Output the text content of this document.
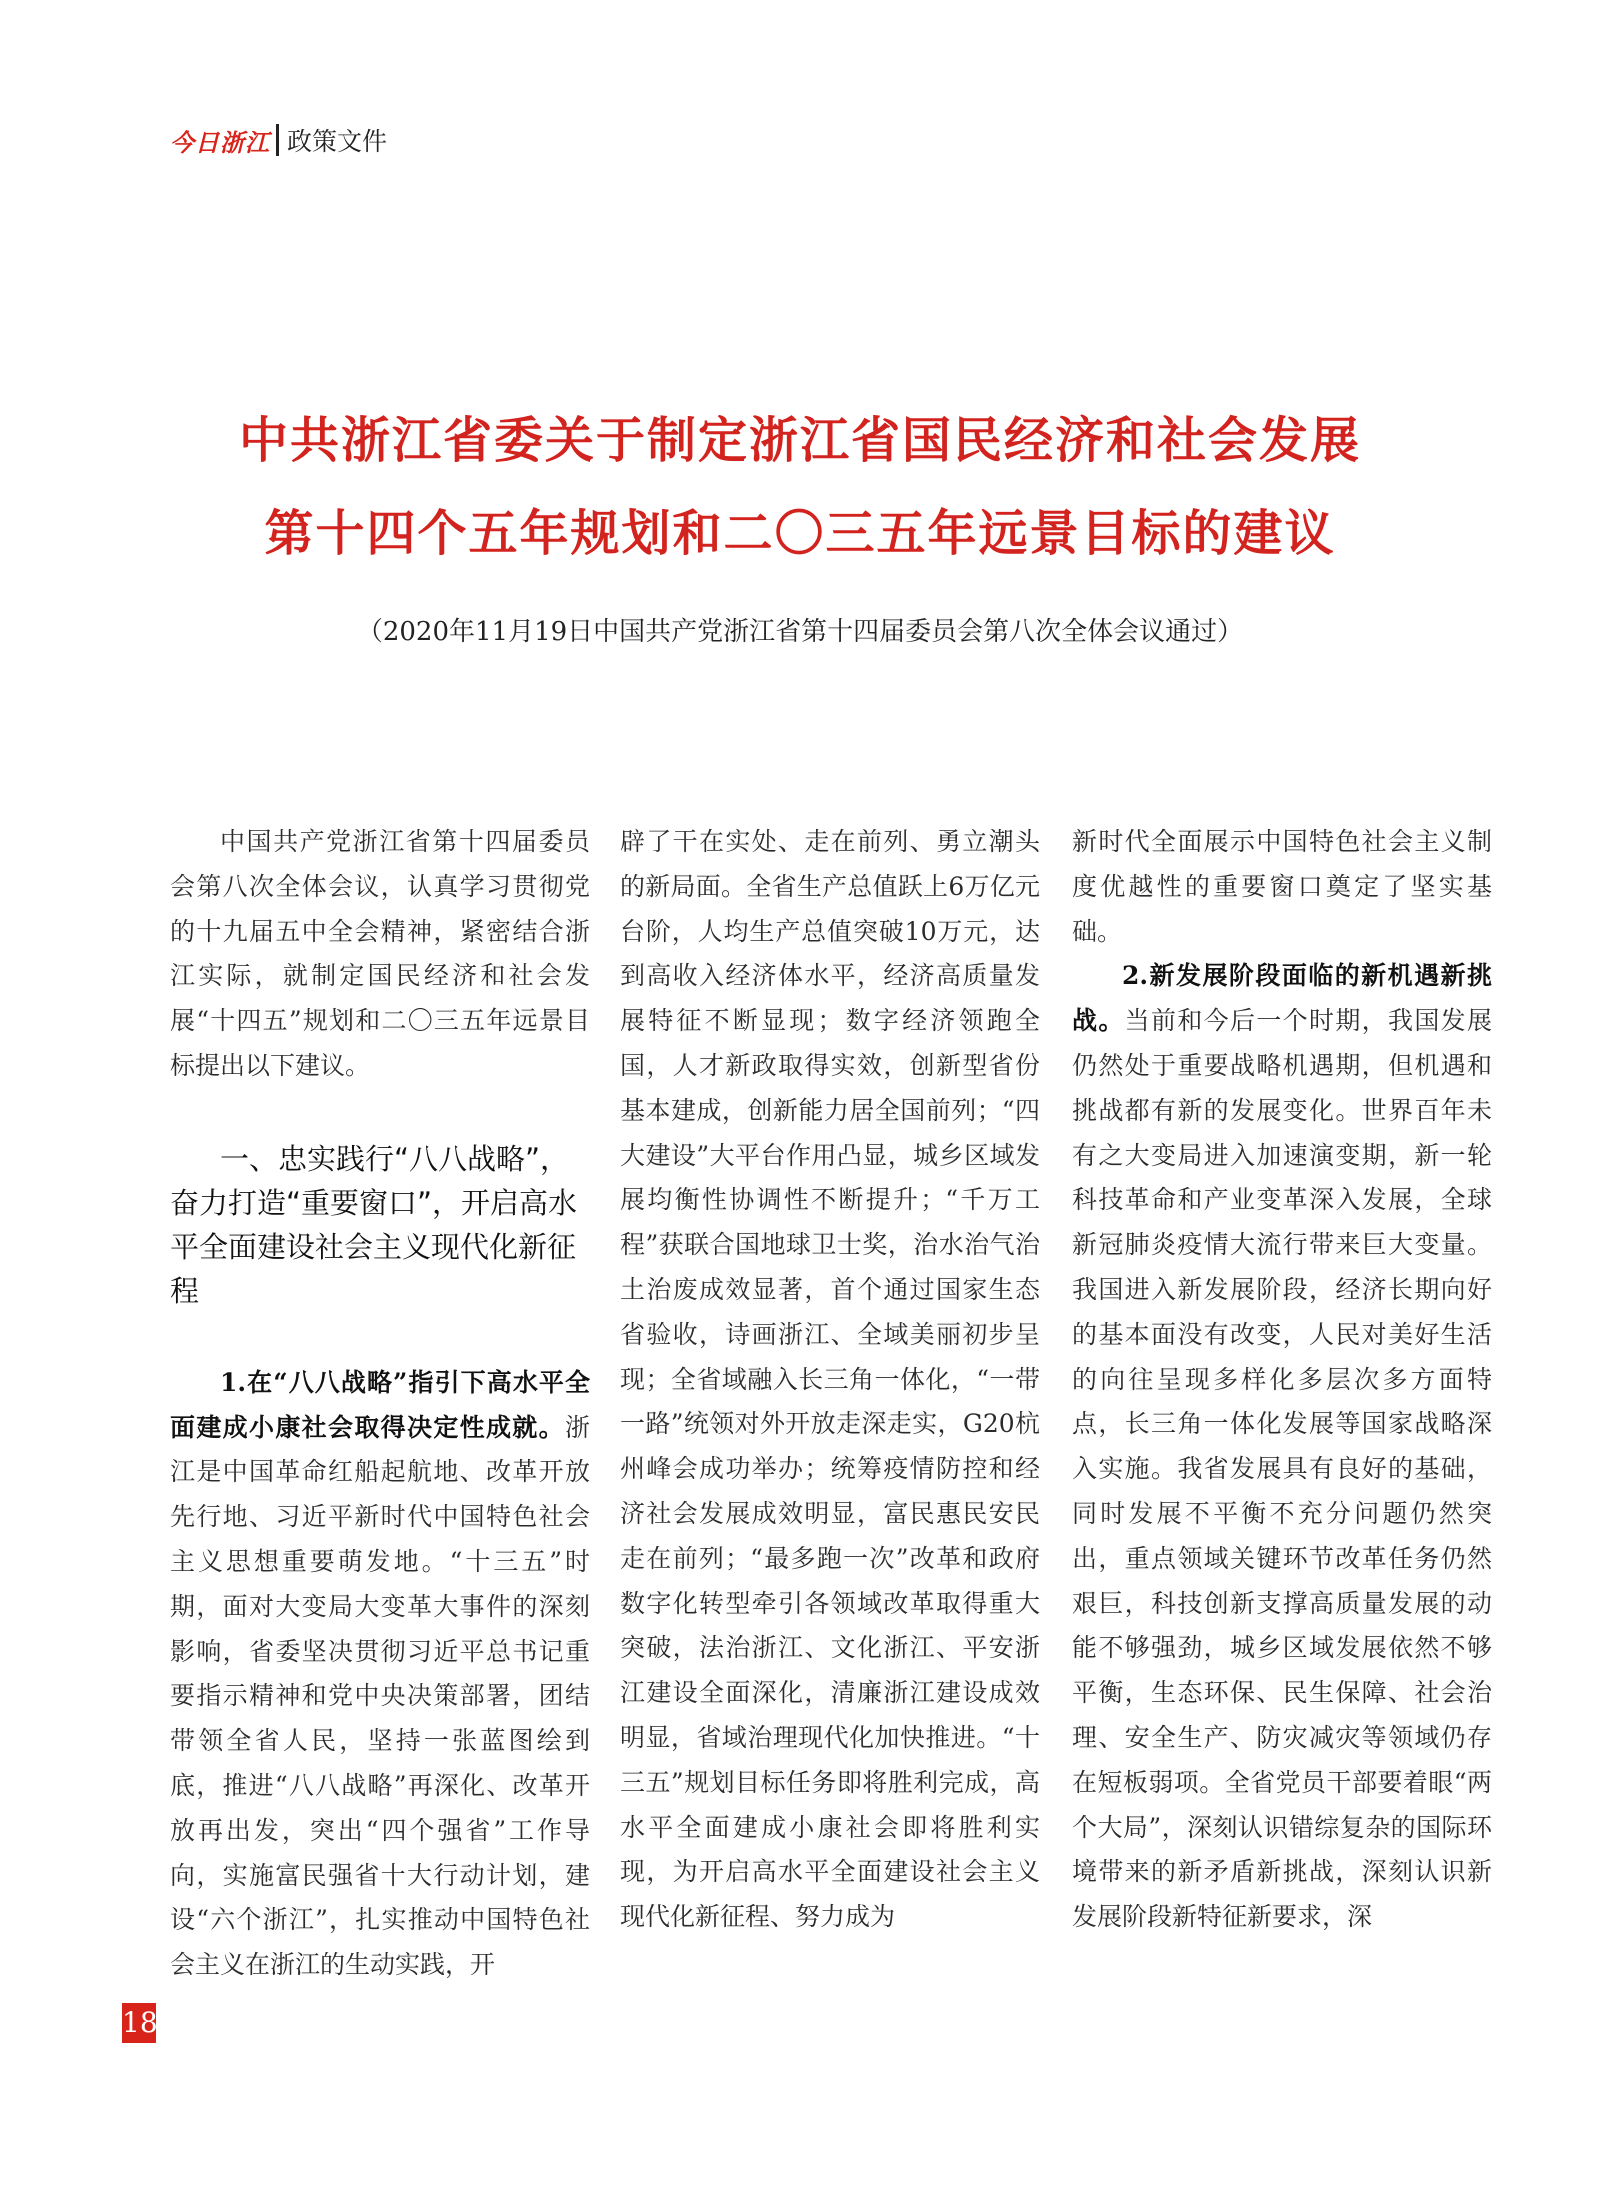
今日浙江 政策文件
中共浙江省委关于制定浙江省国民经济和社会发展
第十四个五年规划和二〇三五年远景目标的建议
（2020年11月19日中国共产党浙江省第十四届委员会第八次全体会议通过）

中国共产党浙江省第十四届委员会第八次全体会议，认真学习贯彻党的十九届五中全会精神，紧密结合浙江实际，就制定国民经济和社会发展“十四五”规划和二〇三五年远景目标提出以下建议。

一、忠实践行“八八战略”，奋力打造“重要窗口”，开启高水平全面建设社会主义现代化新征程

1.在“八八战略”指引下高水平全面建成小康社会取得决定性成就。浙江是中国革命红船起航地、改革开放先行地、习近平新时代中国特色社会主义思想重要萌发地。“十三五”时期，面对大变局大变革大事件的深刻影响，省委坚决贯彻习近平总书记重要指示精神和党中央决策部署，团结带领全省人民，坚持一张蓝图绘到底，推进“八八战略”再深化、改革开放再出发，突出“四个强省”工作导向，实施富民强省十大行动计划，建设“六个浙江”，扎实推动中国特色社会主义在浙江的生动实践，开

辟了干在实处、走在前列、勇立潮头的新局面。全省生产总值跃上6万亿元台阶，人均生产总值突破10万元，达到高收入经济体水平，经济高质量发展特征不断显现；数字经济领跑全国，人才新政取得实效，创新型省份基本建成，创新能力居全国前列；“四大建设”大平台作用凸显，城乡区域发展均衡性协调性不断提升；“千万工程”获联合国地球卫士奖，治水治气治土治废成效显著，首个通过国家生态省验收，诗画浙江、全域美丽初步呈现；全省域融入长三角一体化，“一带一路”统领对外开放走深走实，G20杭州峰会成功举办；统筹疫情防控和经济社会发展成效明显，富民惠民安民走在前列；“最多跑一次”改革和政府数字化转型牵引各领域改革取得重大突破，法治浙江、文化浙江、平安浙江建设全面深化，清廉浙江建设成效明显，省域治理现代化加快推进。“十三五”规划目标任务即将胜利完成，高水平全面建成小康社会即将胜利实现，为开启高水平全面建设社会主义现代化新征程、努力成为

新时代全面展示中国特色社会主义制度优越性的重要窗口奠定了坚实基础。

2.新发展阶段面临的新机遇新挑战。当前和今后一个时期，我国发展仍然处于重要战略机遇期，但机遇和挑战都有新的发展变化。世界百年未有之大变局进入加速演变期，新一轮科技革命和产业变革深入发展，全球新冠肺炎疫情大流行带来巨大变量。我国进入新发展阶段，经济长期向好的基本面没有改变，人民对美好生活的向往呈现多样化多层次多方面特点，长三角一体化发展等国家战略深入实施。我省发展具有良好的基础，同时发展不平衡不充分问题仍然突出，重点领域关键环节改革任务仍然艰巨，科技创新支撑高质量发展的动能不够强劲，城乡区域发展依然不够平衡，生态环保、民生保障、社会治理、安全生产、防灾减灾等领域仍存在短板弱项。全省党员干部要着眼“两个大局”，深刻认识错综复杂的国际环境带来的新矛盾新挑战，深刻认识新发展阶段新特征新要求，深

18
